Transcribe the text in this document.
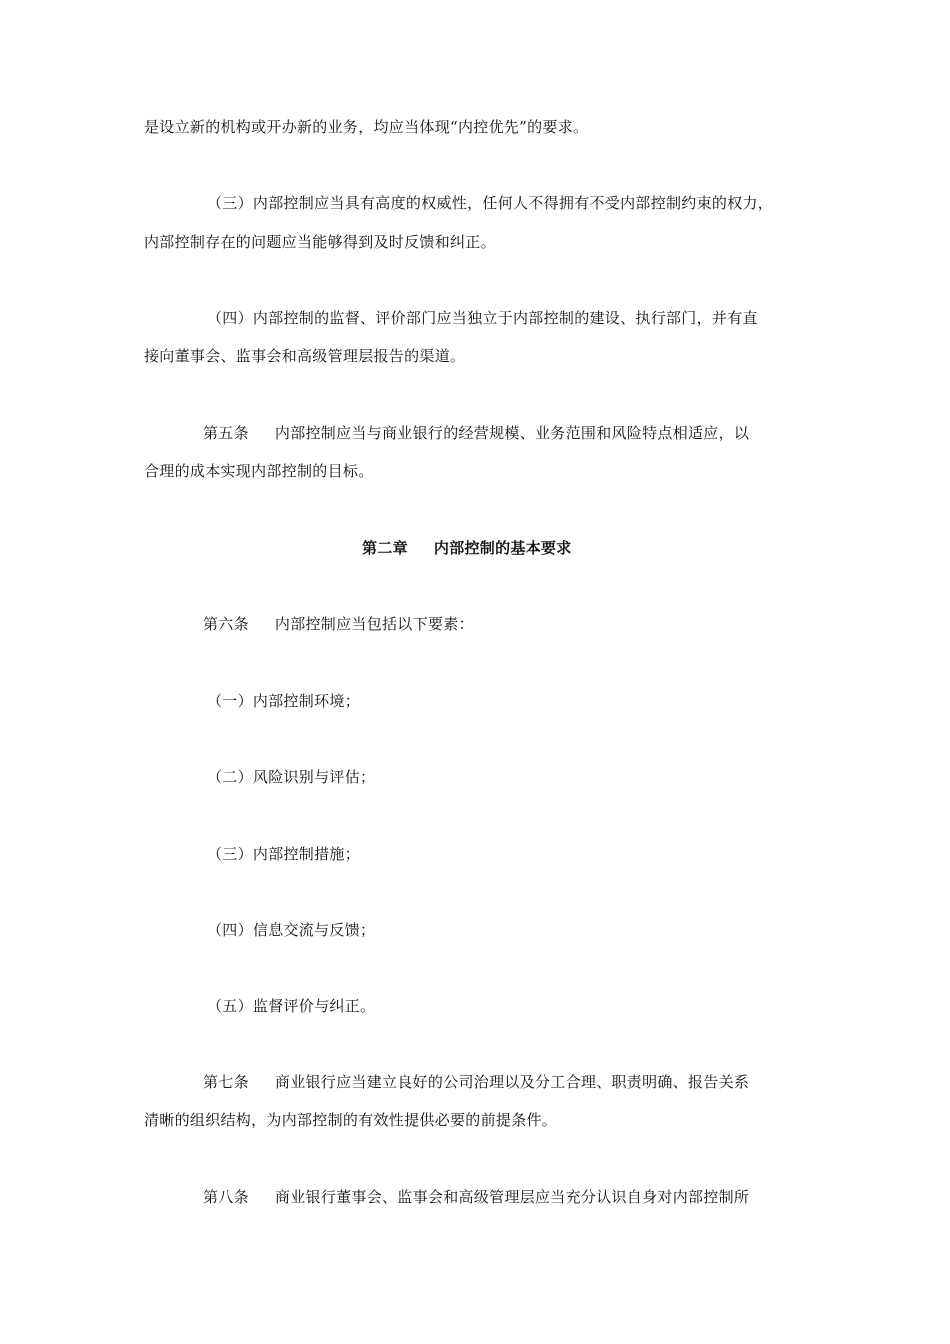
是设立新的机构或开办新的业务，均应当体现“内控优先”的要求。
（三）内部控制应当具有高度的权威性，任何人不得拥有不受内部控制约束的权力，
内部控制存在的问题应当能够得到及时反馈和纠正。
（四）内部控制的监督、评价部门应当独立于内部控制的建设、执行部门，并有直
接向董事会、监事会和高级管理层报告的渠道。
第五条 内部控制应当与商业银行的经营规模、业务范围和风险特点相适应，以
合理的成本实现内部控制的目标。
第二章 内部控制的基本要求
第六条 内部控制应当包括以下要素：
（一）内部控制环境；
（二）风险识别与评估；
（三）内部控制措施；
（四）信息交流与反馈；
（五）监督评价与纠正。
第七条 商业银行应当建立良好的公司治理以及分工合理、职责明确、报告关系
清晰的组织结构，为内部控制的有效性提供必要的前提条件。
第八条 商业银行董事会、监事会和高级管理层应当充分认识自身对内部控制所
